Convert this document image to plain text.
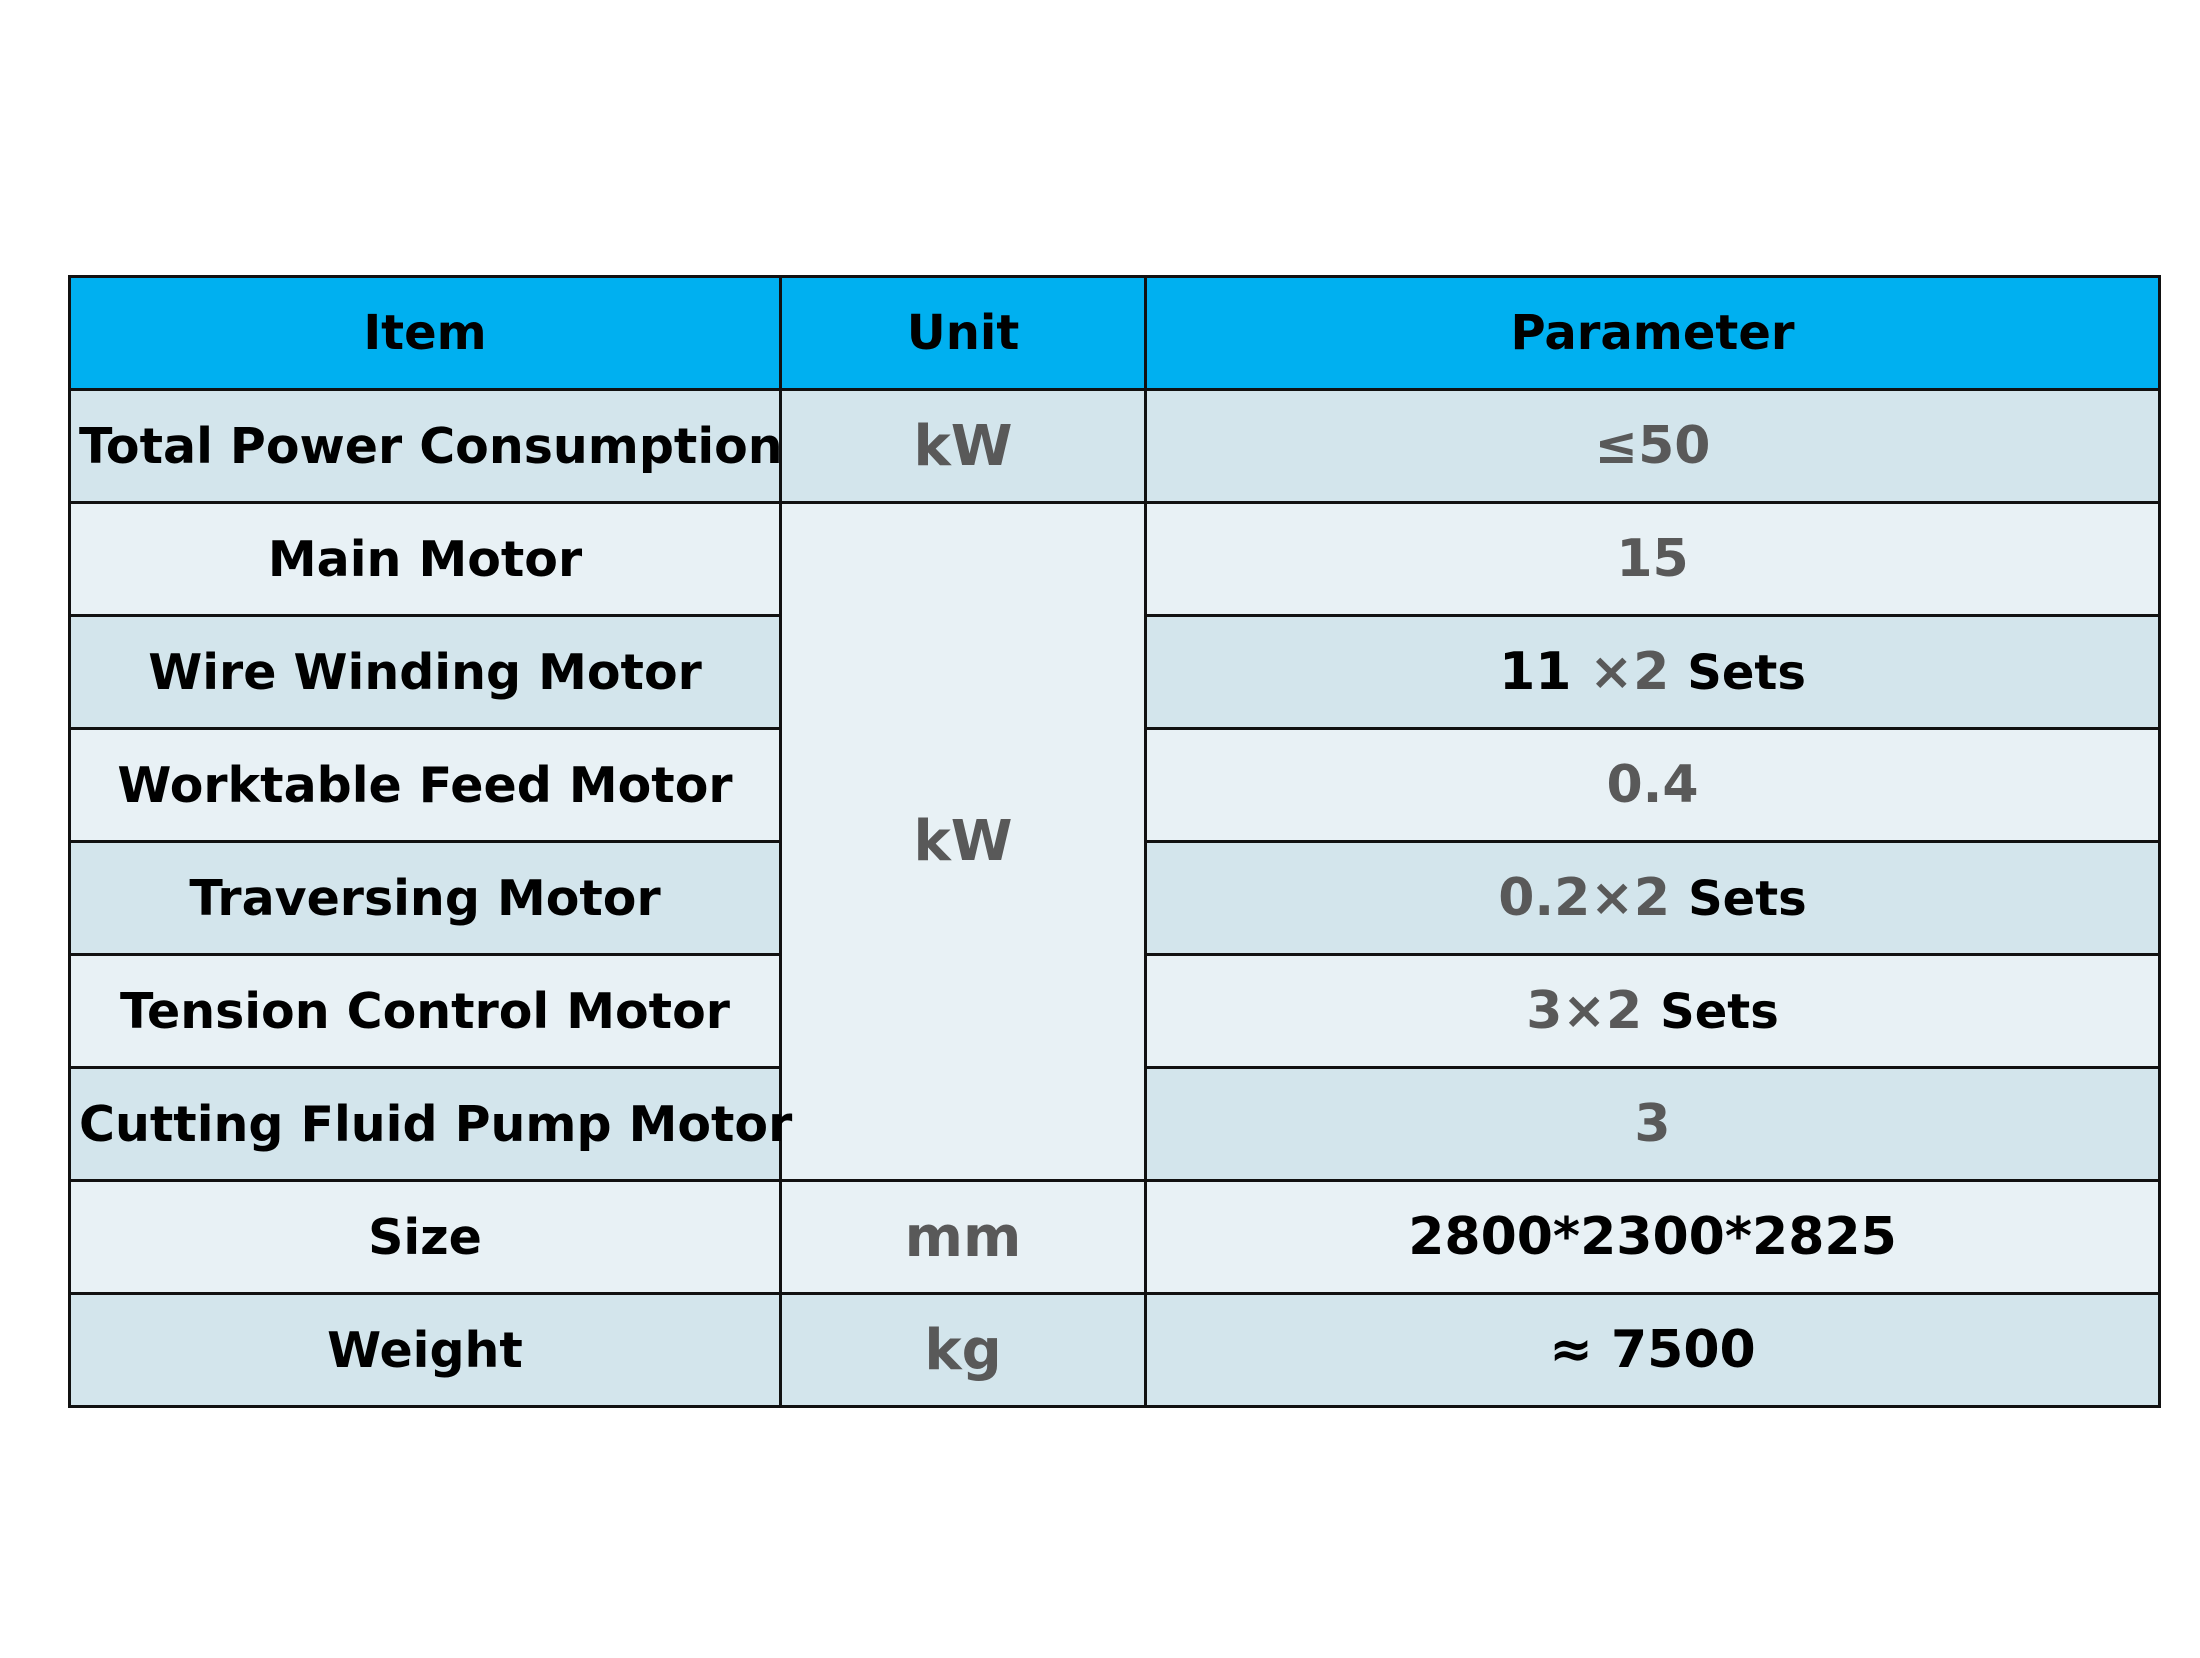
Item	Unit	Parameter
Total Power Consumption	kW	≤50
Main Motor	kW	15
Wire Winding Motor		11 ×2 Sets
Worktable Feed Motor		0.4
Traversing Motor		0.2×2 Sets
Tension Control Motor		3×2 Sets
Cutting Fluid Pump Motor		3
Size	mm	2800*2300*2825
Weight	kg	≈ 7500
